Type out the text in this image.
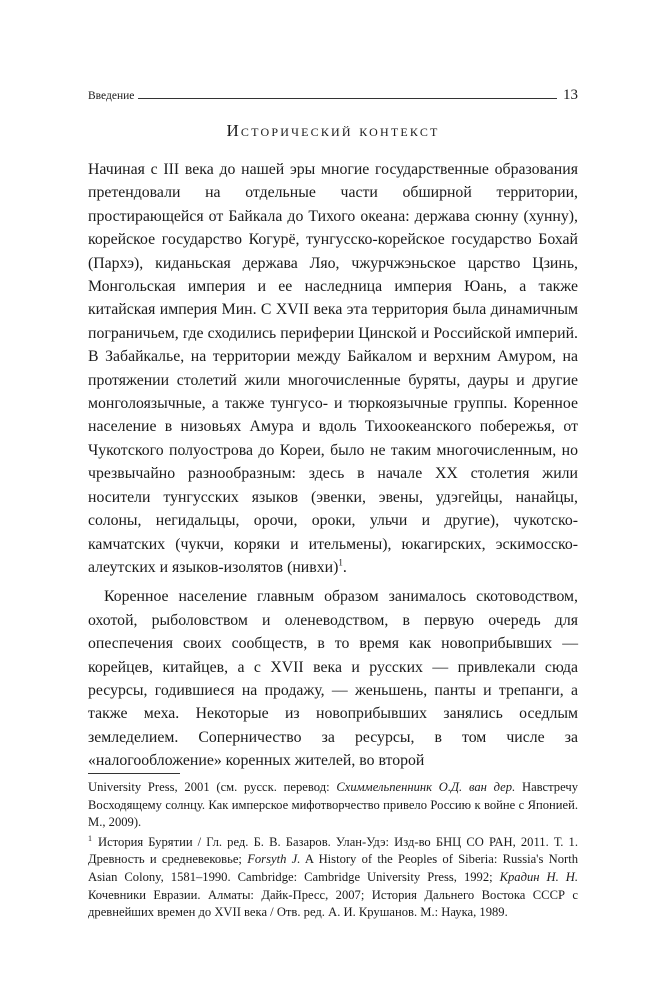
Введение	13
Исторический контекст

Начиная с III века до нашей эры многие государственные образования претендовали на отдельные части обширной территории, простирающейся от Байкала до Тихого океана: держава сюнну (хунну), корейское государство Когурё, тунгусско-корейское государство Бохай (Пархэ), киданьская держава Ляо, чжурчжэньское царство Цзинь, Монгольская империя и ее наследница империя Юань, а также китайская империя Мин. С XVII века эта территория была динамичным пограничьем, где сходились периферии Цинской и Российской империй. В Забайкалье, на территории между Байкалом и верхним Амуром, на протяжении столетий жили многочисленные буряты, дауры и другие монголоязычные, а также тунгусо- и тюркоязычные группы. Коренное население в низовьях Амура и вдоль Тихоокеанского побережья, от Чукотского полуострова до Кореи, было не таким многочисленным, но чрезвычайно разнообразным: здесь в начале XX столетия жили носители тунгусских языков (эвенки, эвены, удэгейцы, нанайцы, солоны, негидальцы, орочи, ороки, ульчи и другие), чукотско-камчатских (чукчи, коряки и ительмены), юкагирских, эскимосско-алеутских и языков-изолятов (нивхи)$^1$.

Коренное население главным образом занималось скотоводством, охотой, рыболовством и оленеводством, в первую очередь для опеспечения своих сообществ, в то время как новоприбывших — корейцев, китайцев, а с XVII века и русских — привлекали сюда ресурсы, годившиеся на продажу, — женьшень, панты и трепанги, а также меха. Некоторые из новоприбывших занялись оседлым земледелием. Соперничество за ресурсы, в том числе за «налогообложение» коренных жителей, во второй

University Press, 2001 (см. русск. перевод: Схиммельпеннинк О.Д. ван дер. Навстречу Восходящему солнцу. Как имперское мифотворчество привело Россию к войне с Японией. М., 2009).

$^1$ История Бурятии / Гл. ред. Б. В. Базаров. Улан-Удэ: Изд-во БНЦ СО РАН, 2011. Т. 1. Древность и средневековье; Forsyth J. A History of the Peoples of Siberia: Russia's North Asian Colony, 1581–1990. Cambridge: Cambridge University Press, 1992; Крадин Н. Н. Кочевники Евразии. Алматы: Дайк-Пресс, 2007; История Дальнего Востока СССР с древнейших времен до XVII века / Отв. ред. А. И. Крушанов. М.: Наука, 1989.
